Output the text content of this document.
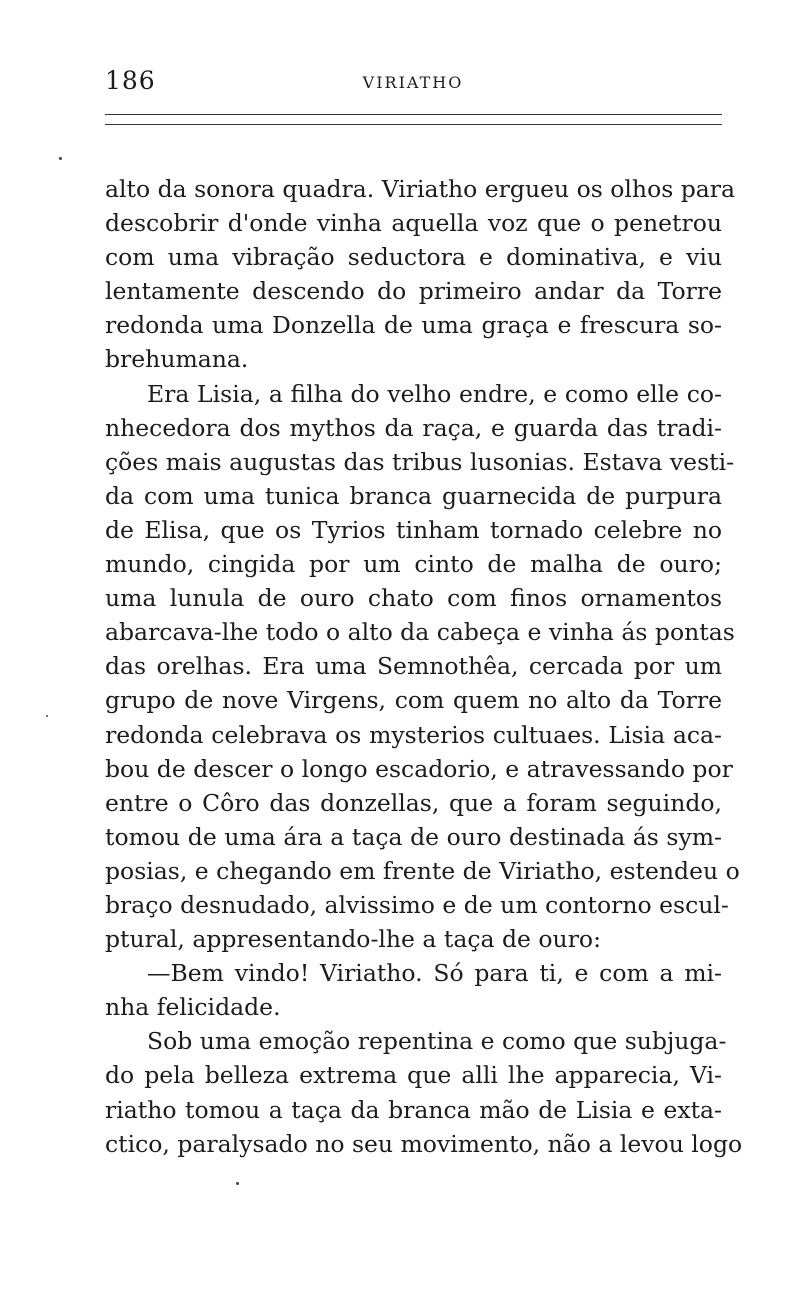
186	VIRIATHO

alto da sonora quadra. Viriatho ergueu os olhos para
descobrir d'onde vinha aquella voz que o penetrou
com uma vibração seductora e dominativa, e viu
lentamente descendo do primeiro andar da Torre
redonda uma Donzella de uma graça e frescura so-
brehumana.

Era Lisia, a filha do velho endre, e como elle co-
nhecedora dos mythos da raça, e guarda das tradi-
ções mais augustas das tribus lusonias. Estava vesti-
da com uma tunica branca guarnecida de purpura
de Elisa, que os Tyrios tinham tornado celebre no
mundo, cingida por um cinto de malha de ouro;
uma lunula de ouro chato com finos ornamentos
abarcava-lhe todo o alto da cabeça e vinha ás pontas
das orelhas. Era uma Semnothêa, cercada por um
grupo de nove Virgens, com quem no alto da Torre
redonda celebrava os mysterios cultuaes. Lisia aca-
bou de descer o longo escadorio, e atravessando por
entre o Côro das donzellas, que a foram seguindo,
tomou de uma ára a taça de ouro destinada ás sym-
posias, e chegando em frente de Viriatho, estendeu o
braço desnudado, alvissimo e de um contorno escul-
ptural, appresentando-lhe a taça de ouro:

—Bem vindo! Viriatho. Só para ti, e com a mi-
nha felicidade.

Sob uma emoção repentina e como que subjuga-
do pela belleza extrema que alli lhe apparecia, Vi-
riatho tomou a taça da branca mão de Lisia e exta-
ctico, paralysado no seu movimento, não a levou logo
